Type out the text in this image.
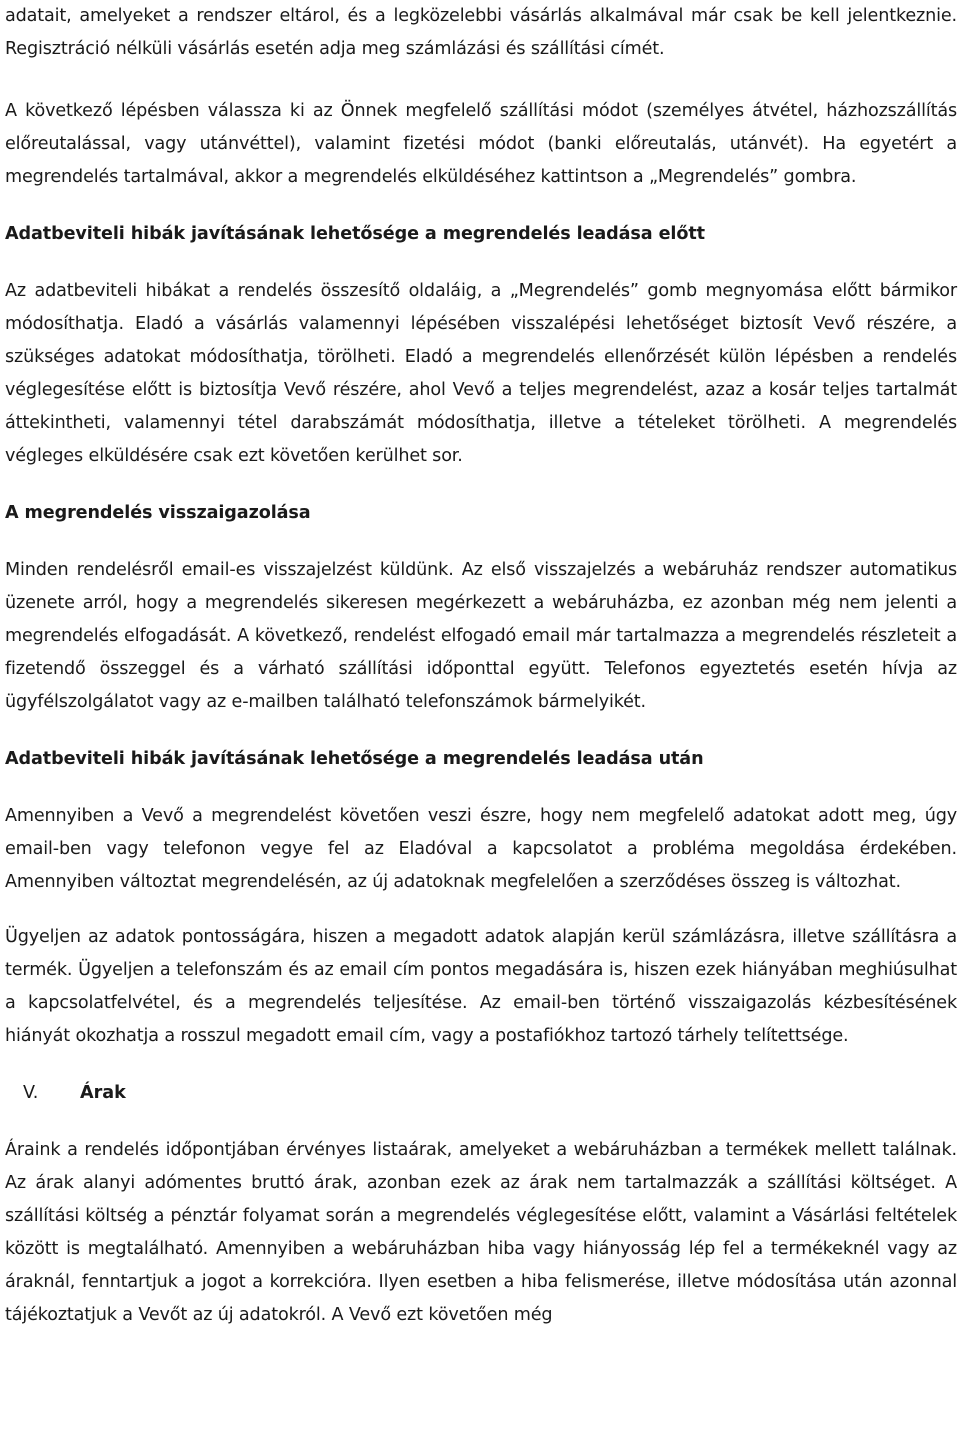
adatait, amelyeket a rendszer eltárol, és a legközelebbi vásárlás alkalmával már csak be kell jelentkeznie. Regisztráció nélküli vásárlás esetén adja meg számlázási és szállítási címét.

A következő lépésben válassza ki az Önnek megfelelő szállítási módot (személyes átvétel, házhozszállítás előreutalással, vagy utánvéttel), valamint fizetési módot (banki előreutalás, utánvét). Ha egyetért a megrendelés tartalmával, akkor a megrendelés elküldéséhez kattintson a „Megrendelés” gombra.

Adatbeviteli hibák javításának lehetősége a megrendelés leadása előtt

Az adatbeviteli hibákat a rendelés összesítő oldaláig, a „Megrendelés” gomb megnyomása előtt bármikor módosíthatja. Eladó a vásárlás valamennyi lépésében visszalépési lehetőséget biztosít Vevő részére, a szükséges adatokat módosíthatja, törölheti. Eladó a megrendelés ellenőrzését külön lépésben a rendelés véglegesítése előtt is biztosítja Vevő részére, ahol Vevő a teljes megrendelést, azaz a kosár teljes tartalmát áttekintheti, valamennyi tétel darabszámát módosíthatja, illetve a tételeket törölheti. A megrendelés végleges elküldésére csak ezt követően kerülhet sor.

A megrendelés visszaigazolása

Minden rendelésről email-es visszajelzést küldünk. Az első visszajelzés a webáruház rendszer automatikus üzenete arról, hogy a megrendelés sikeresen megérkezett a webáruházba, ez azonban még nem jelenti a megrendelés elfogadását. A következő, rendelést elfogadó email már tartalmazza a megrendelés részleteit a fizetendő összeggel és a várható szállítási időponttal együtt. Telefonos egyeztetés esetén hívja az ügyfélszolgálatot vagy az e-mailben található telefonszámok bármelyikét.

Adatbeviteli hibák javításának lehetősége a megrendelés leadása után

Amennyiben a Vevő a megrendelést követően veszi észre, hogy nem megfelelő adatokat adott meg, úgy email-ben vagy telefonon vegye fel az Eladóval a kapcsolatot a probléma megoldása érdekében. Amennyiben változtat megrendelésén, az új adatoknak megfelelően a szerződéses összeg is változhat.

Ügyeljen az adatok pontosságára, hiszen a megadott adatok alapján kerül számlázásra, illetve szállításra a termék. Ügyeljen a telefonszám és az email cím pontos megadására is, hiszen ezek hiányában meghiúsulhat a kapcsolatfelvétel, és a megrendelés teljesítése. Az email-ben történő visszaigazolás kézbesítésének hiányát okozhatja a rosszul megadott email cím, vagy a postafiókhoz tartozó tárhely telítettsége.

V.	Árak

Áraink a rendelés időpontjában érvényes listaárak, amelyeket a webáruházban a termékek mellett találnak. Az árak alanyi adómentes bruttó árak, azonban ezek az árak nem tartalmazzák a szállítási költséget. A szállítási költség a pénztár folyamat során a megrendelés véglegesítése előtt, valamint a Vásárlási feltételek között is megtalálható. Amennyiben a webáruházban hiba vagy hiányosság lép fel a termékeknél vagy az áraknál, fenntartjuk a jogot a korrekcióra. Ilyen esetben a hiba felismerése, illetve módosítása után azonnal tájékoztatjuk a Vevőt az új adatokról. A Vevő ezt követően még
